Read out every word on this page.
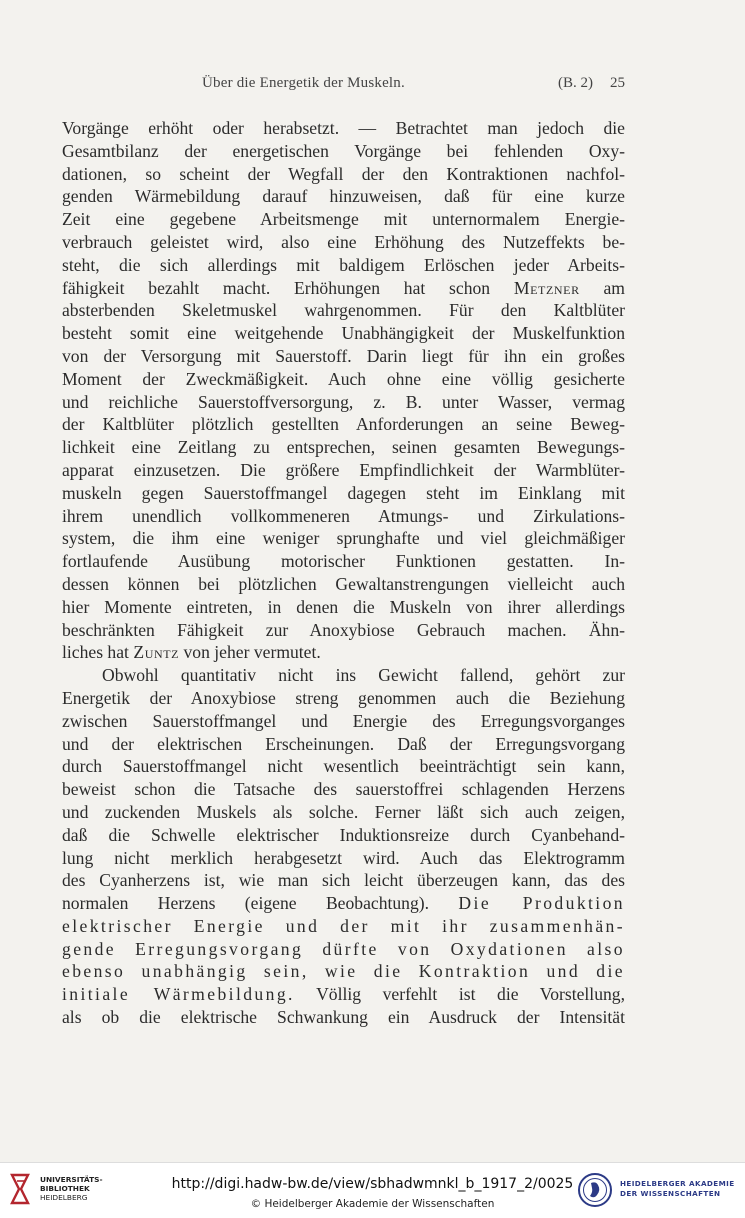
Über die Energetik der Muskeln.	(B. 2) 25
Vorgänge erhöht oder herabsetzt. — Betrachtet man jedoch die
Gesamtbilanz der energetischen Vorgänge bei fehlenden Oxy-
dationen, so scheint der Wegfall der den Kontraktionen nachfol-
genden Wärmebildung darauf hinzuweisen, daß für eine kurze
Zeit eine gegebene Arbeitsmenge mit unternormalem Energie-
verbrauch geleistet wird, also eine Erhöhung des Nutzeffekts be-
steht, die sich allerdings mit baldigem Erlöschen jeder Arbeits-
fähigkeit bezahlt macht. Erhöhungen hat schon Metzner am
absterbenden Skeletmuskel wahrgenommen. Für den Kaltblüter
besteht somit eine weitgehende Unabhängigkeit der Muskelfunktion
von der Versorgung mit Sauerstoff. Darin liegt für ihn ein großes
Moment der Zweckmäßigkeit. Auch ohne eine völlig gesicherte
und reichliche Sauerstoffversorgung, z. B. unter Wasser, vermag
der Kaltblüter plötzlich gestellten Anforderungen an seine Beweg-
lichkeit eine Zeitlang zu entsprechen, seinen gesamten Bewegungs-
apparat einzusetzen. Die größere Empfindlichkeit der Warmblüter-
muskeln gegen Sauerstoffmangel dagegen steht im Einklang mit
ihrem unendlich vollkommeneren Atmungs- und Zirkulations-
system, die ihm eine weniger sprunghafte und viel gleichmäßiger
fortlaufende Ausübung motorischer Funktionen gestatten. In-
dessen können bei plötzlichen Gewaltanstrengungen vielleicht auch
hier Momente eintreten, in denen die Muskeln von ihrer allerdings
beschränkten Fähigkeit zur Anoxybiose Gebrauch machen. Ähn-
liches hat Zuntz von jeher vermutet.
Obwohl quantitativ nicht ins Gewicht fallend, gehört zur
Energetik der Anoxybiose streng genommen auch die Beziehung
zwischen Sauerstoffmangel und Energie des Erregungsvorganges
und der elektrischen Erscheinungen. Daß der Erregungsvorgang
durch Sauerstoffmangel nicht wesentlich beeinträchtigt sein kann,
beweist schon die Tatsache des sauerstoffrei schlagenden Herzens
und zuckenden Muskels als solche. Ferner läßt sich auch zeigen,
daß die Schwelle elektrischer Induktionsreize durch Cyanbehand-
lung nicht merklich herabgesetzt wird. Auch das Elektrogramm
des Cyanherzens ist, wie man sich leicht überzeugen kann, das des
normalen Herzens (eigene Beobachtung). Die Produktion
elektrischer Energie und der mit ihr zusammenhän-
gende Erregungsvorgang dürfte von Oxydationen also
ebenso unabhängig sein, wie die Kontraktion und die
initiale Wärmebildung. Völlig verfehlt ist die Vorstellung,
als ob die elektrische Schwankung ein Ausdruck der Intensität
UNIVERSITÄTS-
BIBLIOTHEK
HEIDELBERG
http://digi.hadw-bw.de/view/sbhadwmnkl_b_1917_2/0025
© Heidelberger Akademie der Wissenschaften
HEIDELBERGER AKADEMIE
DER WISSENSCHAFTEN
